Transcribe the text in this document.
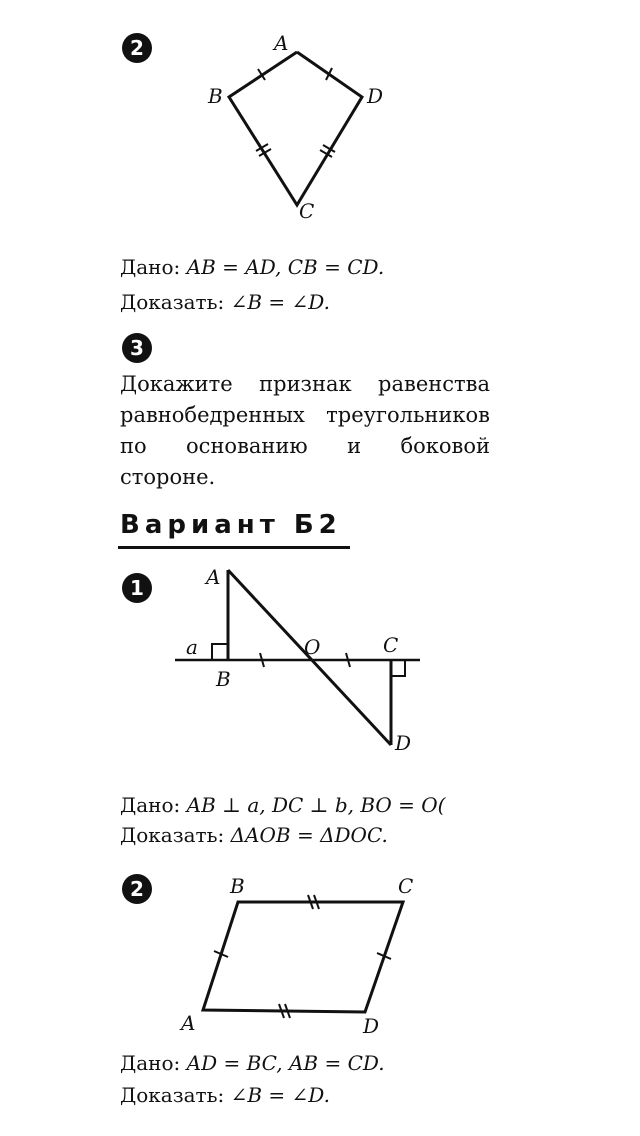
2	A
B
C
D
Дано: AB = AD, CB = CD.
Доказать: ∠B = ∠D.
3
Докажите признак равенства равнобедренных треугольников по основанию и боковой стороне.
Вариант Б2
1	A
a
B
O	C
D
Дано: AB ⊥ a, DC ⊥ b, BO = O(
Доказать: ΔAOB = ΔDOC.
2
A
B	C
D
Дано: AD = BC, AB = CD.
Доказать: ∠B = ∠D.
